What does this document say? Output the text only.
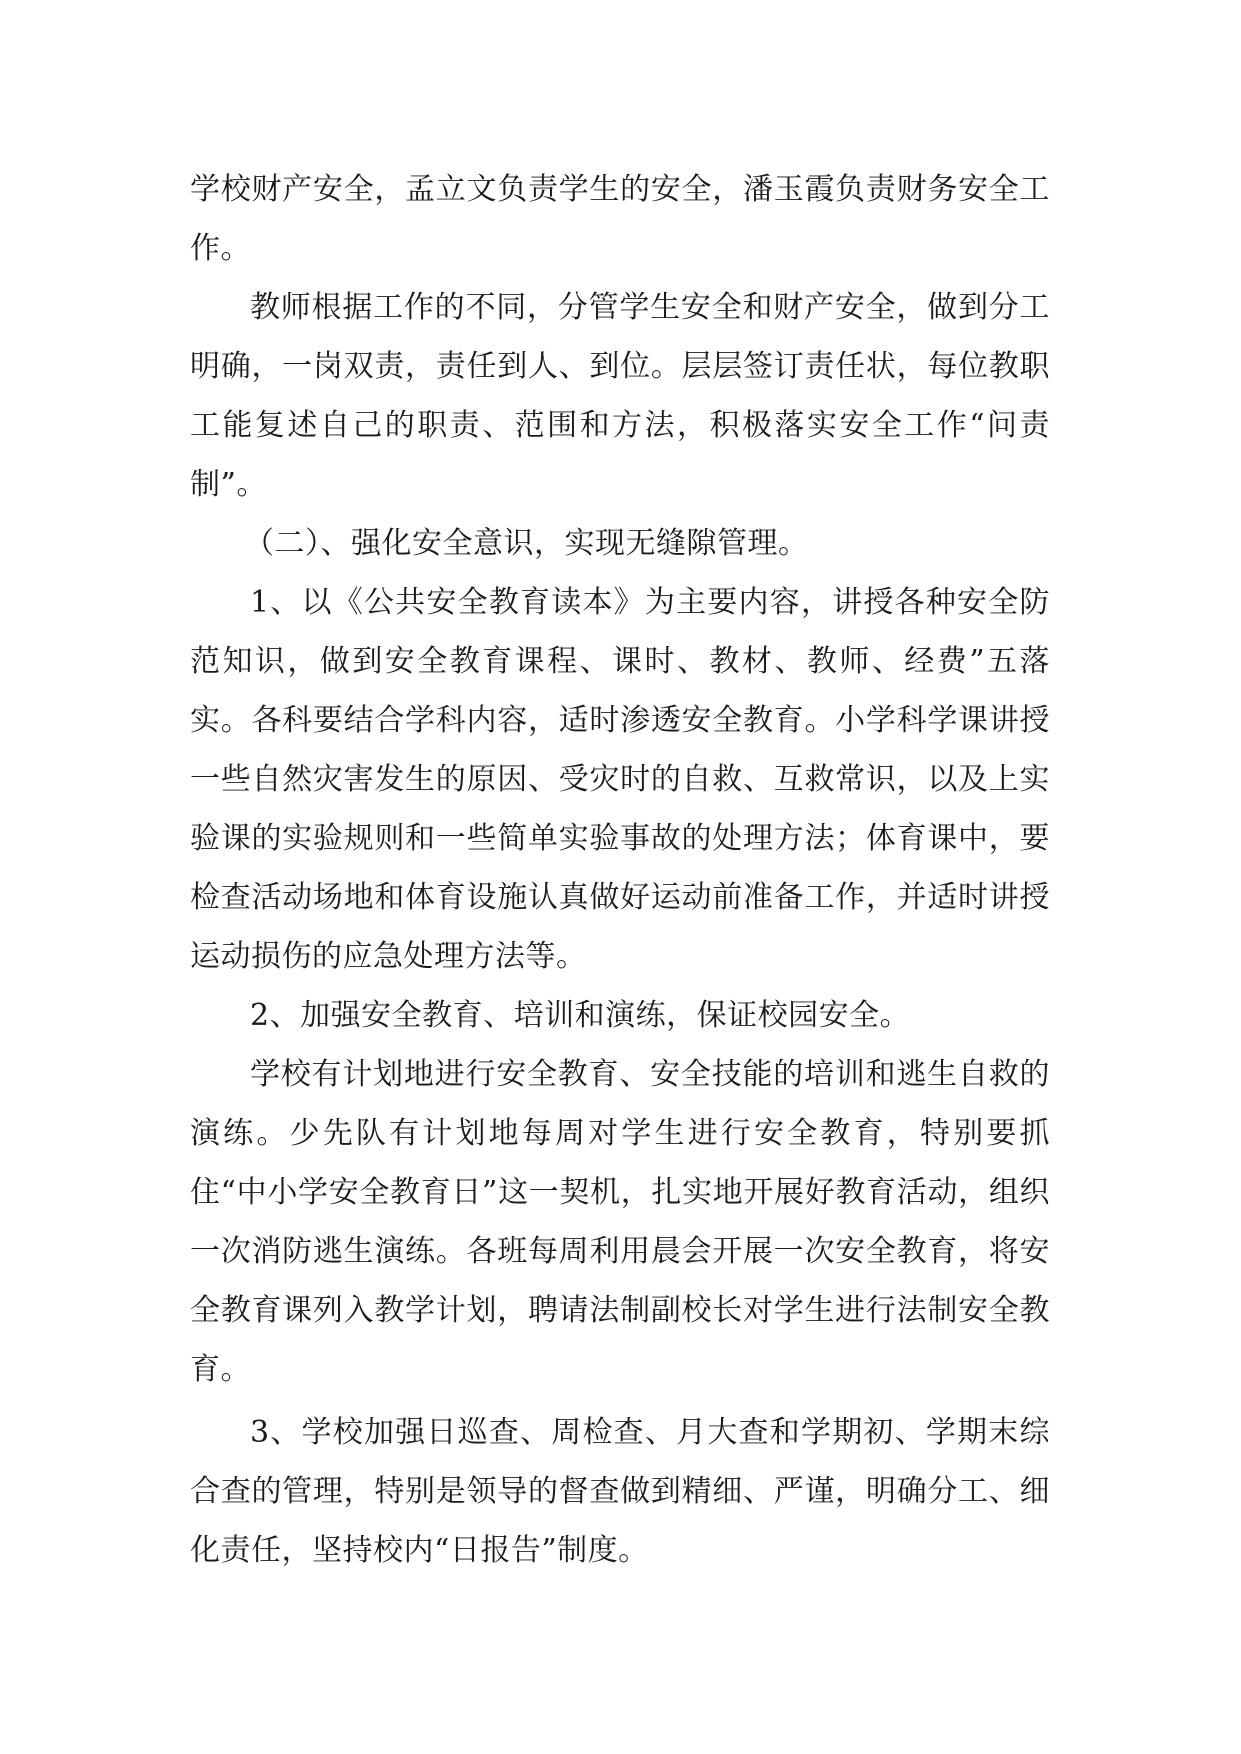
学校财产安全，孟立文负责学生的安全，潘玉霞负责财务安全工作。

教师根据工作的不同，分管学生安全和财产安全，做到分工明确，一岗双责，责任到人、到位。层层签订责任状，每位教职工能复述自己的职责、范围和方法，积极落实安全工作“问责制”。

（二）、强化安全意识，实现无缝隙管理。

1、以《公共安全教育读本》为主要内容，讲授各种安全防范知识，做到安全教育课程、课时、教材、教师、经费”五落实。各科要结合学科内容，适时渗透安全教育。小学科学课讲授一些自然灾害发生的原因、受灾时的自救、互救常识，以及上实验课的实验规则和一些简单实验事故的处理方法；体育课中，要检查活动场地和体育设施认真做好运动前准备工作，并适时讲授运动损伤的应急处理方法等。

2、加强安全教育、培训和演练，保证校园安全。

学校有计划地进行安全教育、安全技能的培训和逃生自救的演练。少先队有计划地每周对学生进行安全教育，特别要抓住“中小学安全教育日”这一契机，扎实地开展好教育活动，组织一次消防逃生演练。各班每周利用晨会开展一次安全教育，将安全教育课列入教学计划，聘请法制副校长对学生进行法制安全教育。

3、学校加强日巡查、周检查、月大查和学期初、学期末综合查的管理，特别是领导的督查做到精细、严谨，明确分工、细化责任，坚持校内“日报告”制度。
